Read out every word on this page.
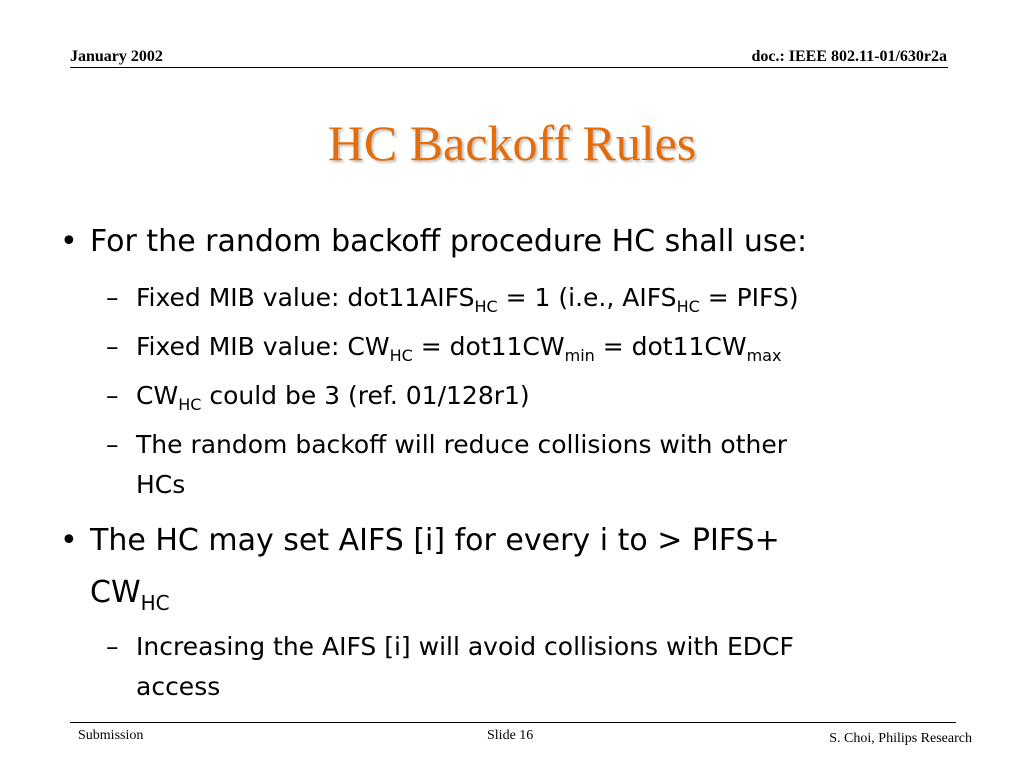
January 2002	doc.: IEEE 802.11-01/630r2a
HC Backoff Rules
• For the random backoff procedure HC shall use:
– Fixed MIB value: $dot11AIFS_{HC} = 1$ (i.e., $AIFS_{HC}$ = PIFS)
– Fixed MIB value: $CW_{HC} = dot11CW_{min} = dot11CW_{max}$
– $CW_{HC}$ could be 3 (ref. 01/128r1)
– The random backoff will reduce collisions with other
HCs
• The HC may set AIFS [i] for every i to > PIFS+
$CW_{HC}$
– Increasing the AIFS [i] will avoid collisions with EDCF
access
Submission	Slide 16	S. Choi, Philips Research
